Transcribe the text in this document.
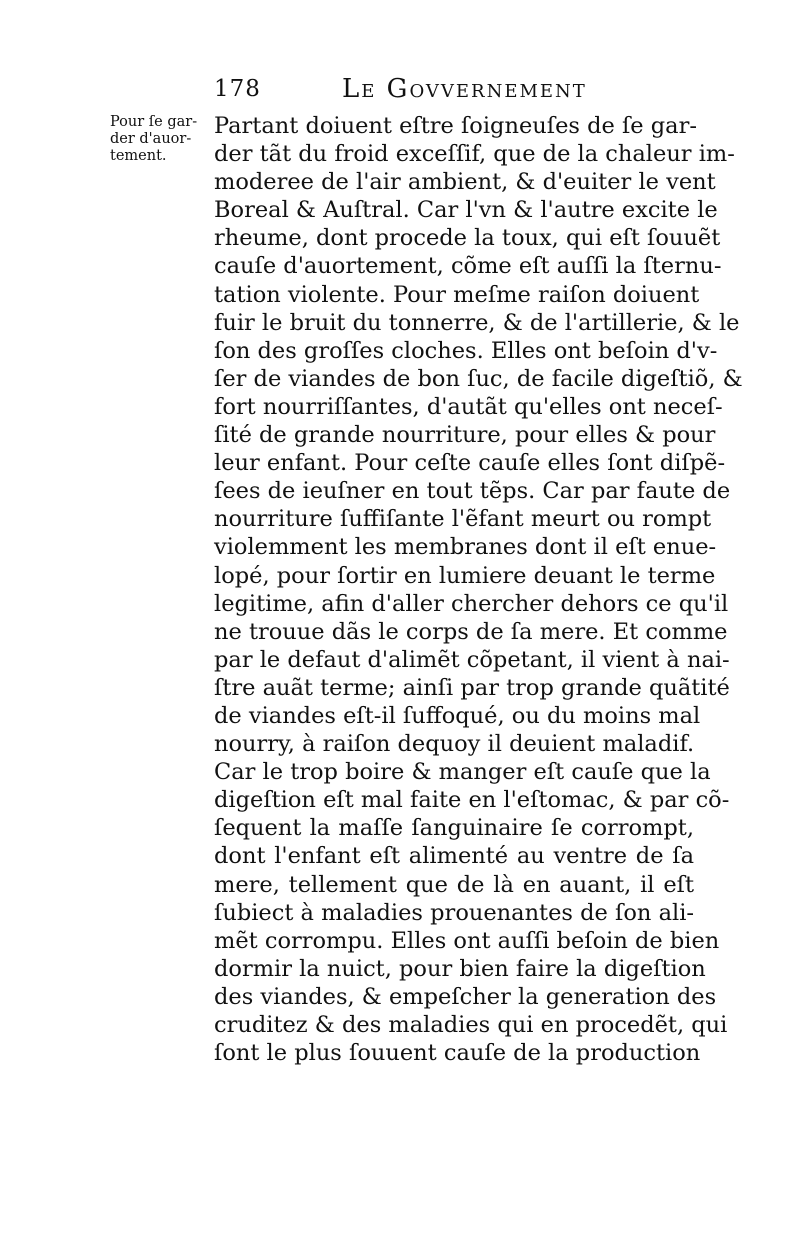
178	Le Govvernement
Pour ſe gar-
der d'auor-
tement.
Partant doiuent eſtre ſoigneuſes de ſe gar-
der tãt du froid exceſſif, que de la chaleur im-
moderee de l'air ambient, & d'euiter le vent
Boreal & Auſtral. Car l'vn & l'autre excite le
rheume, dont procede la toux, qui eſt ſouuẽt
cauſe d'auortement, cõme eſt auſſi la ſternu-
tation violente. Pour meſme raiſon doiuent
fuir le bruit du tonnerre, & de l'artillerie, & le
ſon des groſſes cloches. Elles ont beſoin d'v-
ſer de viandes de bon ſuc, de facile digeſtiõ, &
fort nourriſſantes, d'autãt qu'elles ont neceſ-
ſité de grande nourriture, pour elles & pour
leur enfant. Pour ceſte cauſe elles ſont diſpẽ-
ſees de ieuſner en tout tẽps. Car par faute de
nourriture ſuffiſante l'ẽfant meurt ou rompt
violemment les membranes dont il eſt enue-
lopé, pour ſortir en lumiere deuant le terme
legitime, afin d'aller chercher dehors ce qu'il
ne trouue dãs le corps de ſa mere. Et comme
par le defaut d'alimẽt cõpetant, il vient à nai-
ſtre auãt terme; ainſi par trop grande quãtité
de viandes eſt-il ſuffoqué, ou du moins mal
nourry, à raiſon dequoy il deuient maladif.
Car le trop boire & manger eſt cauſe que la
digeſtion eſt mal faite en l'eſtomac, & par cõ-
ſequent la maſſe ſanguinaire ſe corrompt,
dont l'enfant eſt alimenté au ventre de ſa
mere, tellement que de là en auant, il eſt
ſubiect à maladies prouenantes de ſon ali-
mẽt corrompu. Elles ont auſſi beſoin de bien
dormir la nuict, pour bien faire la digeſtion
des viandes, & empeſcher la generation des
cruditez & des maladies qui en procedẽt, qui
ſont le plus ſouuent cauſe de la production
